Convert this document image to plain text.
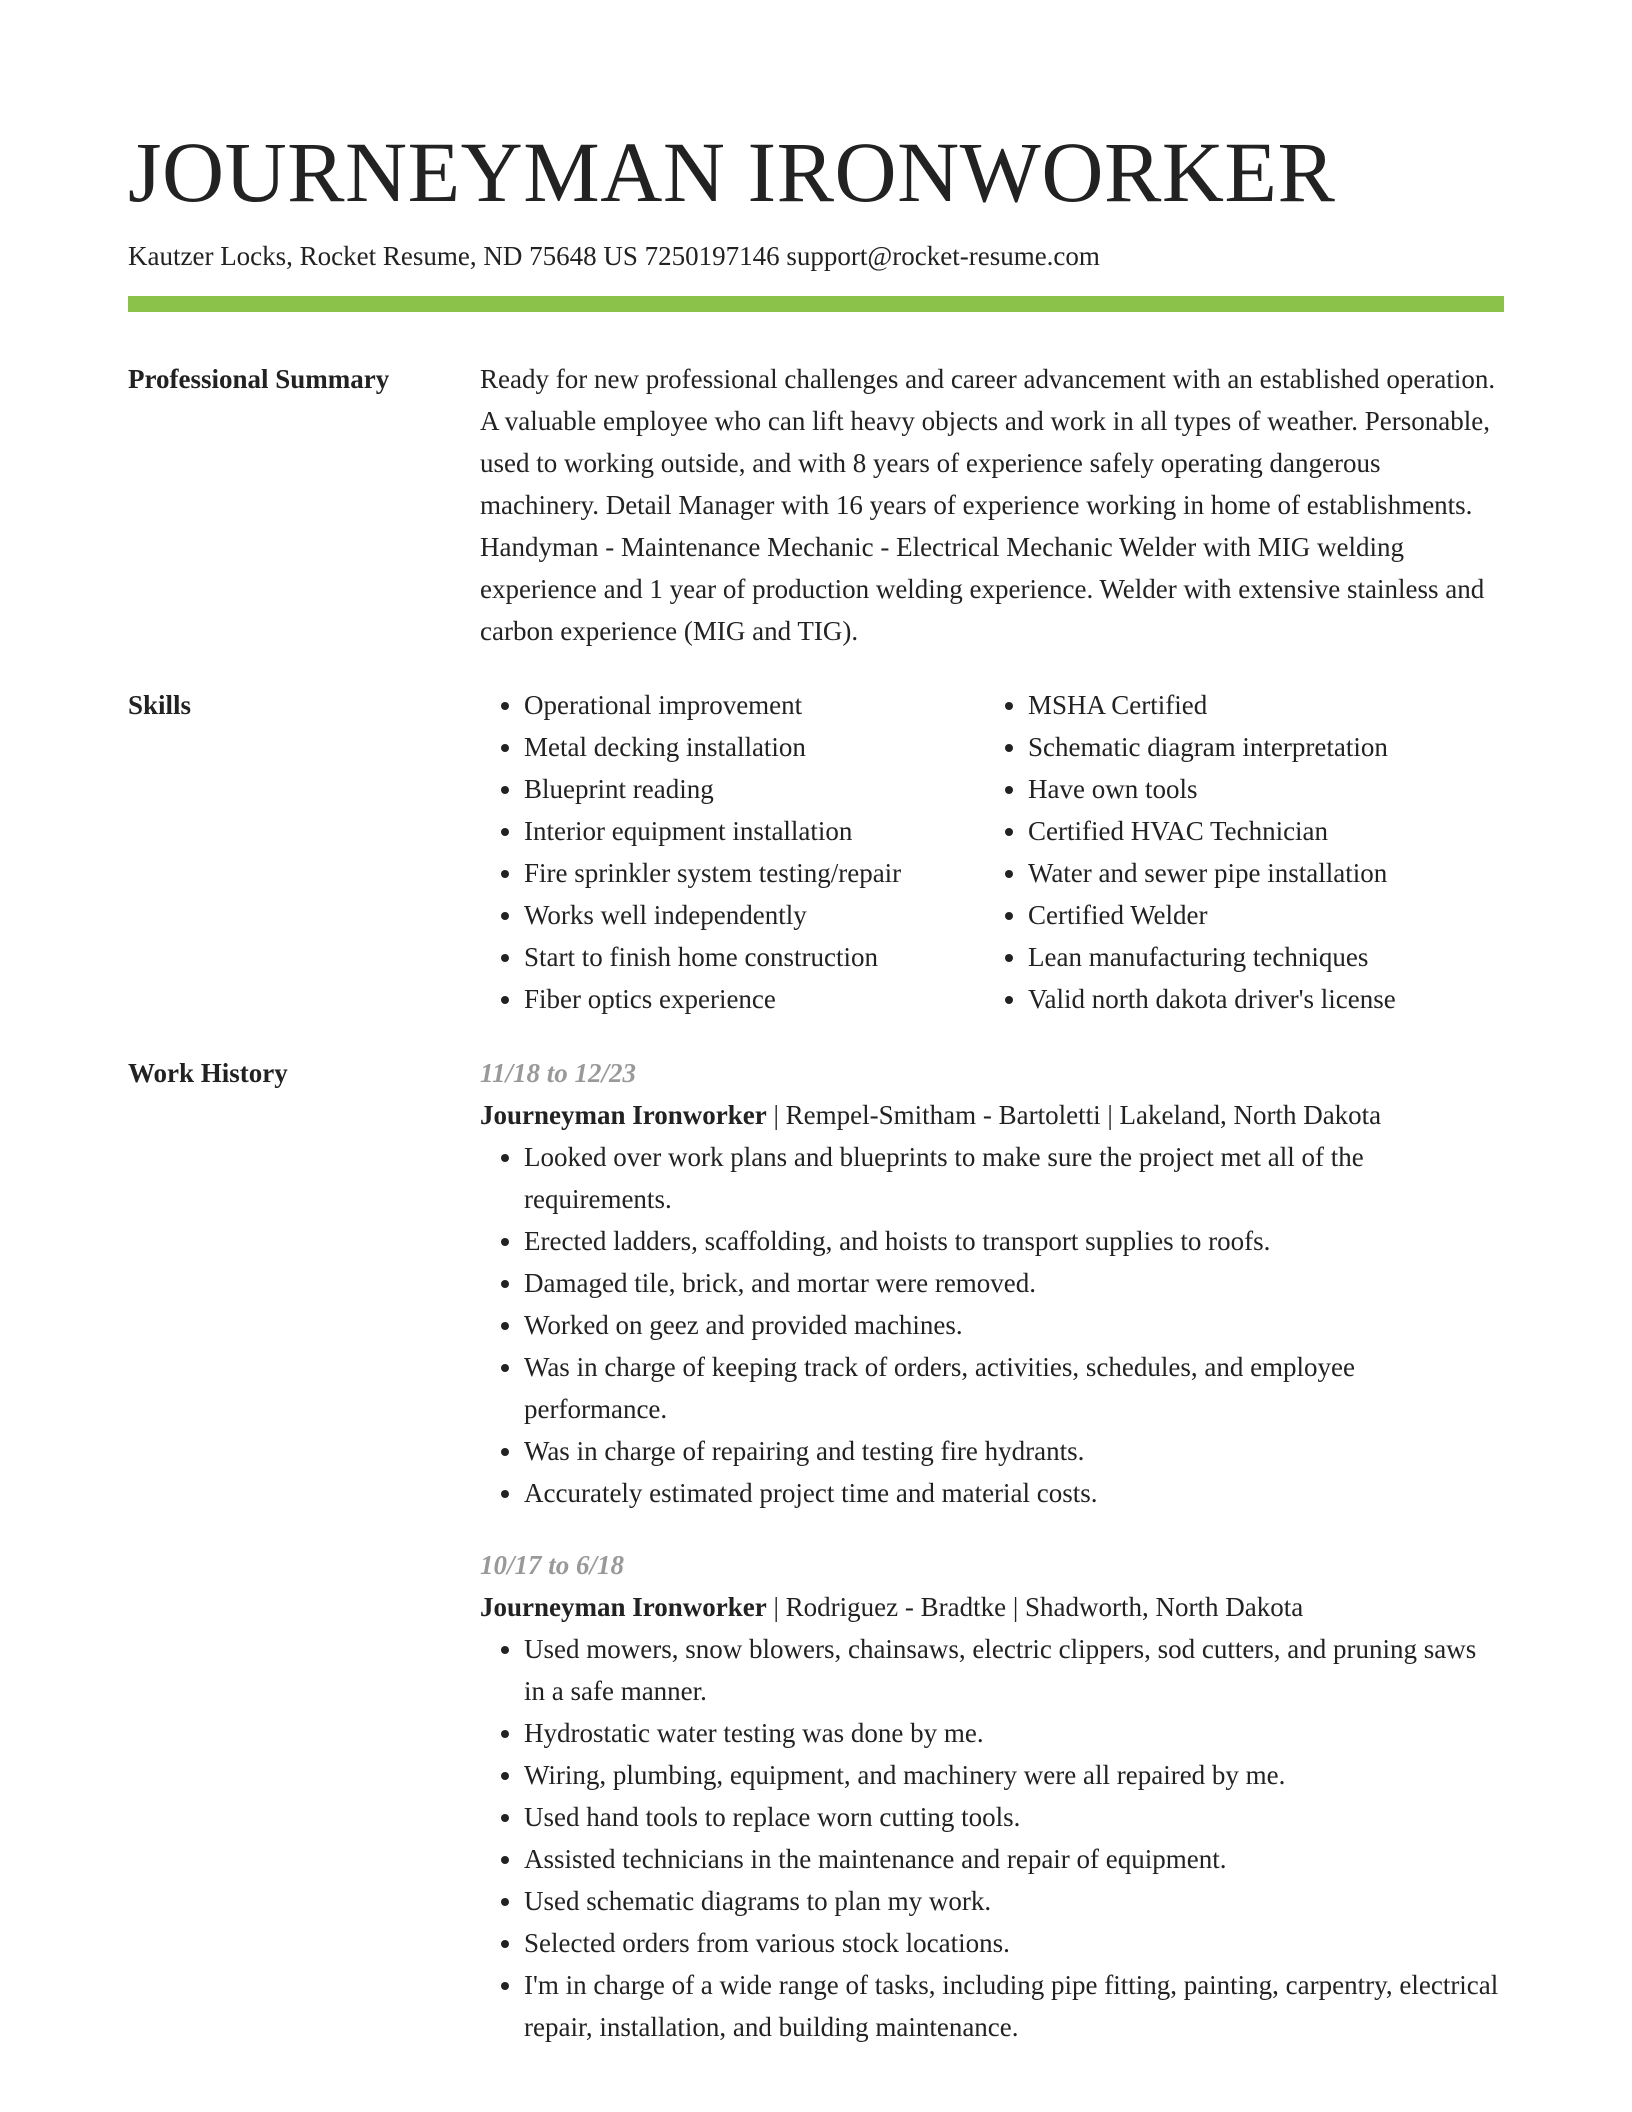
JOURNEYMAN IRONWORKER
Kautzer Locks, Rocket Resume, ND 75648 US 7250197146 support@rocket-resume.com
Professional Summary	Ready for new professional challenges and career advancement with an established operation. A valuable employee who can lift heavy objects and work in all types of weather. Personable, used to working outside, and with 8 years of experience safely operating dangerous machinery. Detail Manager with 16 years of experience working in home of establishments. Handyman - Maintenance Mechanic - Electrical Mechanic Welder with MIG welding experience and 1 year of production welding experience. Welder with extensive stainless and carbon experience (MIG and TIG).

Skills
•	Operational improvement
• Metal decking installation
• Blueprint reading
• Interior equipment installation
• Fire sprinkler system testing/repair
• Works well independently
• Start to finish home construction
• Fiber optics experience
• MSHA Certified
• Schematic diagram interpretation
• Have own tools
• Certified HVAC Technician
• Water and sewer pipe installation
• Certified Welder
• Lean manufacturing techniques
• Valid north dakota driver's license
Work History	11/18 to 12/23
Journeyman Ironworker | Rempel-Smitham - Bartoletti | Lakeland, North Dakota
• Looked over work plans and blueprints to make sure the project met all of the requirements.
• Erected ladders, scaffolding, and hoists to transport supplies to roofs.
• Damaged tile, brick, and mortar were removed.
• Worked on geez and provided machines.
• Was in charge of keeping track of orders, activities, schedules, and employee performance.
• Was in charge of repairing and testing fire hydrants.
• Accurately estimated project time and material costs.
10/17 to 6/18
Journeyman Ironworker | Rodriguez - Bradtke | Shadworth, North Dakota
• Used mowers, snow blowers, chainsaws, electric clippers, sod cutters, and pruning saws in a safe manner.
• Hydrostatic water testing was done by me.
• Wiring, plumbing, equipment, and machinery were all repaired by me.
• Used hand tools to replace worn cutting tools.
• Assisted technicians in the maintenance and repair of equipment.
• Used schematic diagrams to plan my work.
• Selected orders from various stock locations.
• I'm in charge of a wide range of tasks, including pipe fitting, painting, carpentry, electrical repair, installation, and building maintenance.
